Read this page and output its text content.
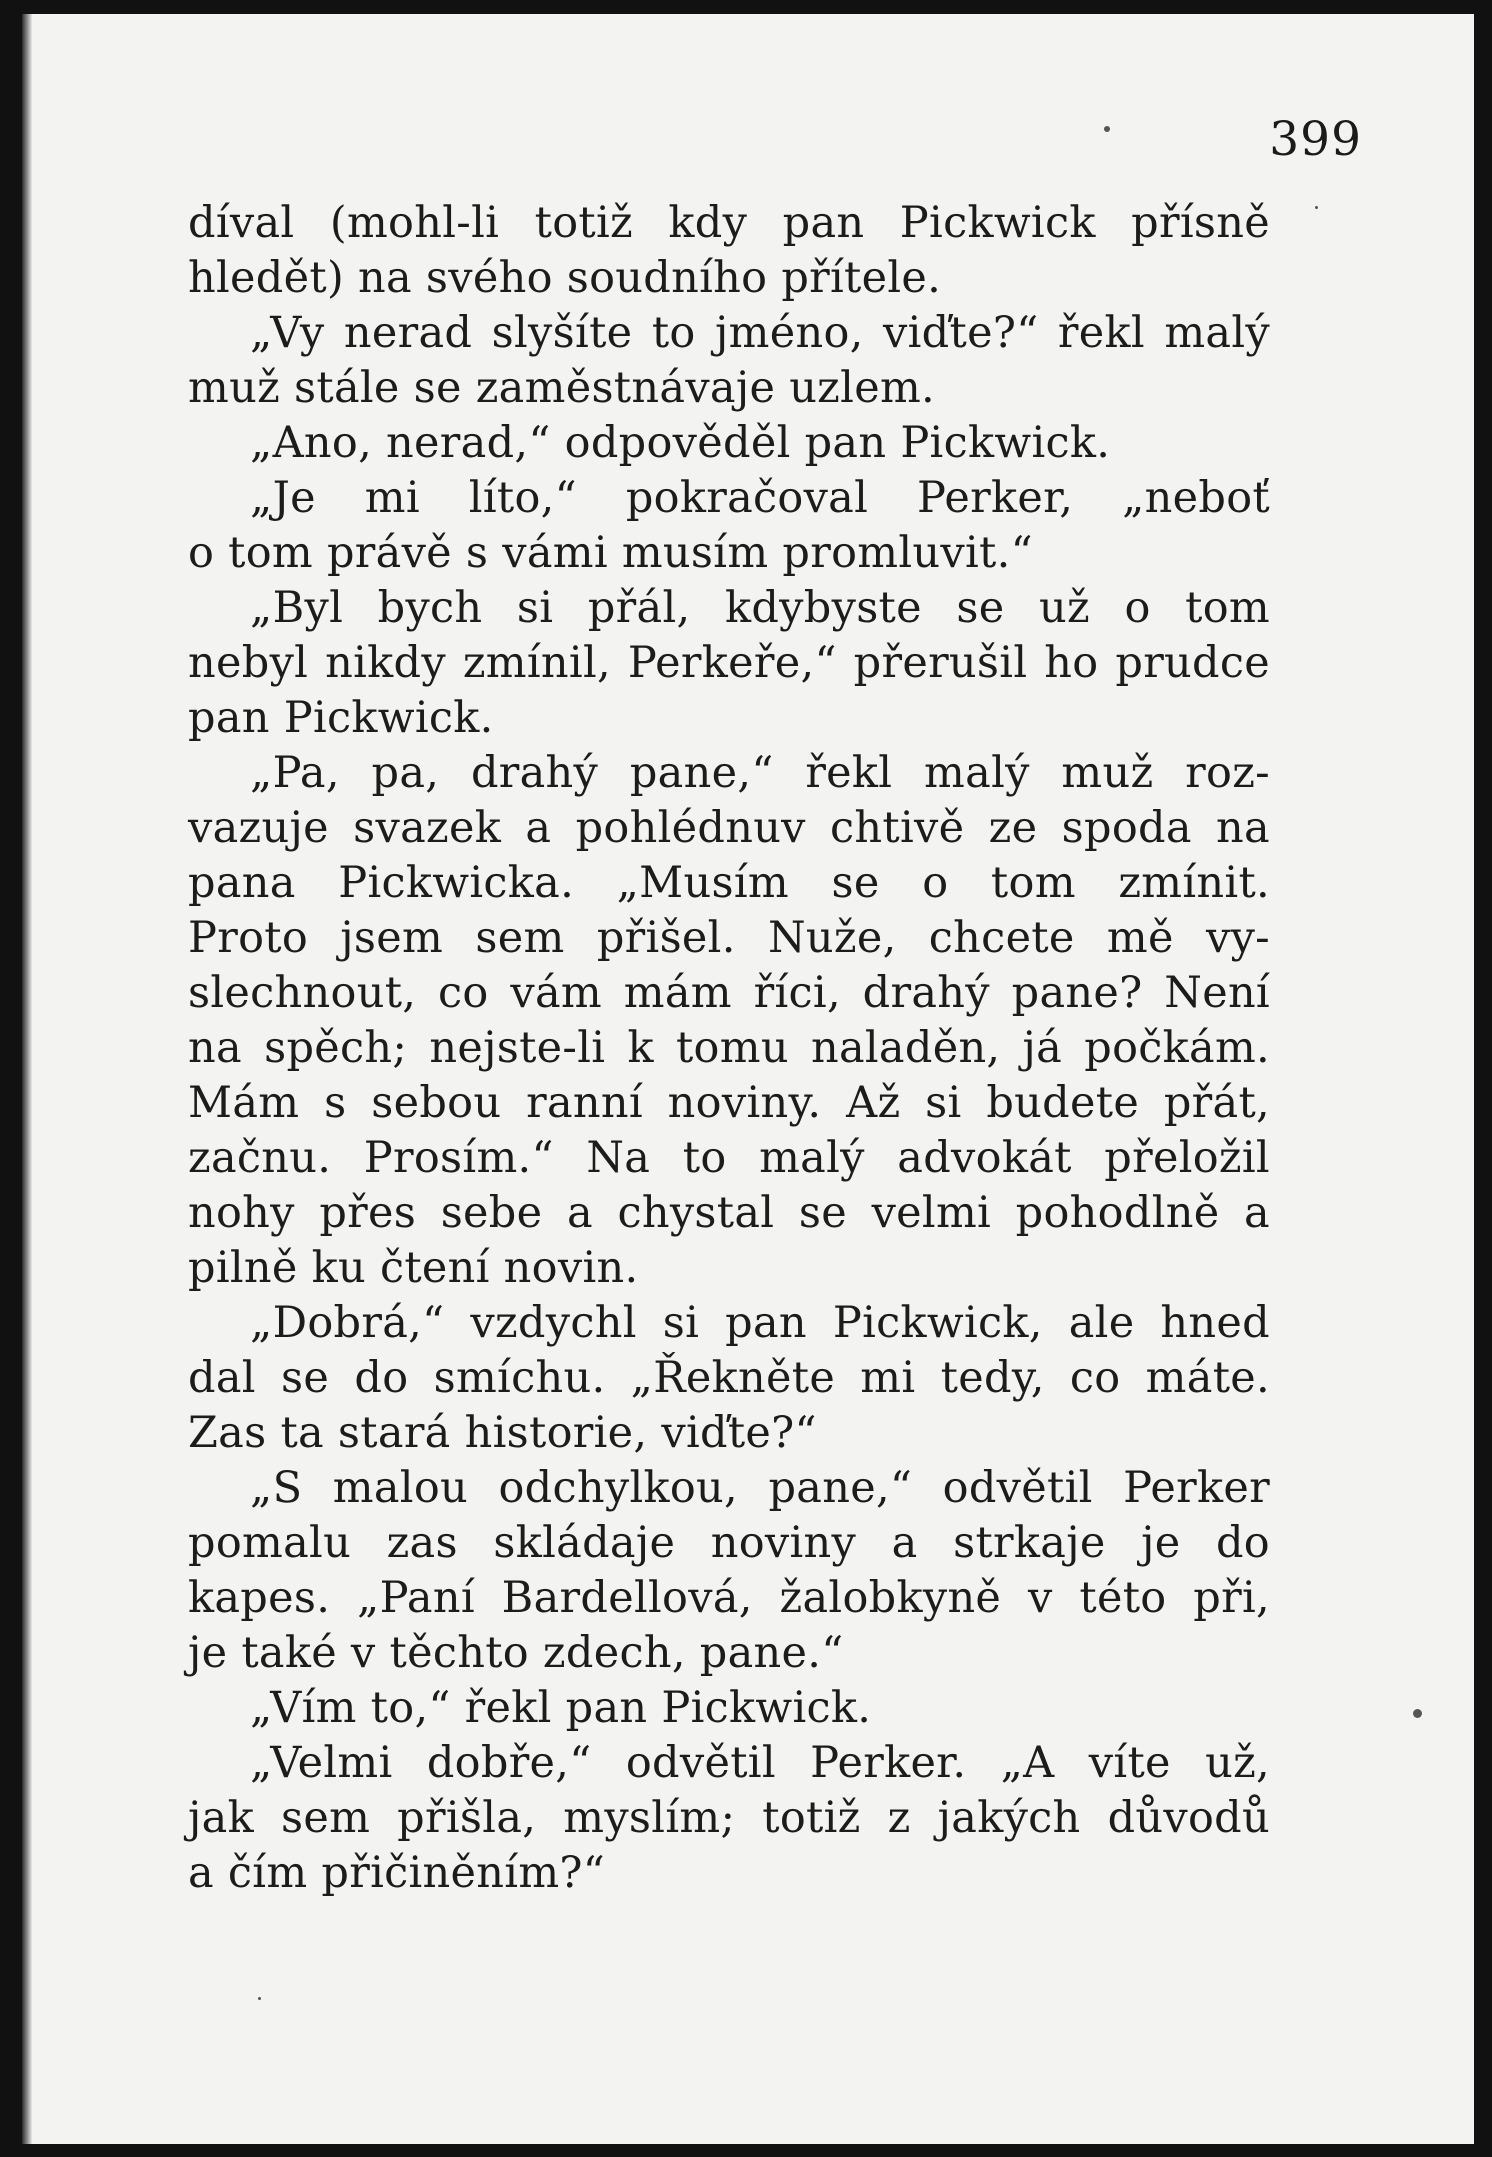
399
díval (mohl-li totiž kdy pan Pickwick přísně
hledět) na svého soudního přítele.
„Vy nerad slyšíte to jméno, viďte?“ řekl malý
muž stále se zaměstnávaje uzlem.
„Ano, nerad,“ odpověděl pan Pickwick.
„Je mi líto,“ pokračoval Perker, „neboť
o tom právě s vámi musím promluvit.“
„Byl bych si přál, kdybyste se už o tom
nebyl nikdy zmínil, Perkeře,“ přerušil ho prudce
pan Pickwick.
„Pa, pa, drahý pane,“ řekl malý muž roz-
vazuje svazek a pohlédnuv chtivě ze spoda na
pana Pickwicka. „Musím se o tom zmínit.
Proto jsem sem přišel. Nuže, chcete mě vy-
slechnout, co vám mám říci, drahý pane? Není
na spěch; nejste-li k tomu naladěn, já počkám.
Mám s sebou ranní noviny. Až si budete přát,
začnu. Prosím.“ Na to malý advokát přeložil
nohy přes sebe a chystal se velmi pohodlně a
pilně ku čtení novin.
„Dobrá,“ vzdychl si pan Pickwick, ale hned
dal se do smíchu. „Řekněte mi tedy, co máte.
Zas ta stará historie, viďte?“
„S malou odchylkou, pane,“ odvětil Perker
pomalu zas skládaje noviny a strkaje je do
kapes. „Paní Bardellová, žalobkyně v této při,
je také v těchto zdech, pane.“
„Vím to,“ řekl pan Pickwick.
„Velmi dobře,“ odvětil Perker. „A víte už,
jak sem přišla, myslím; totiž z jakých důvodů
a čím přičiněním?“
